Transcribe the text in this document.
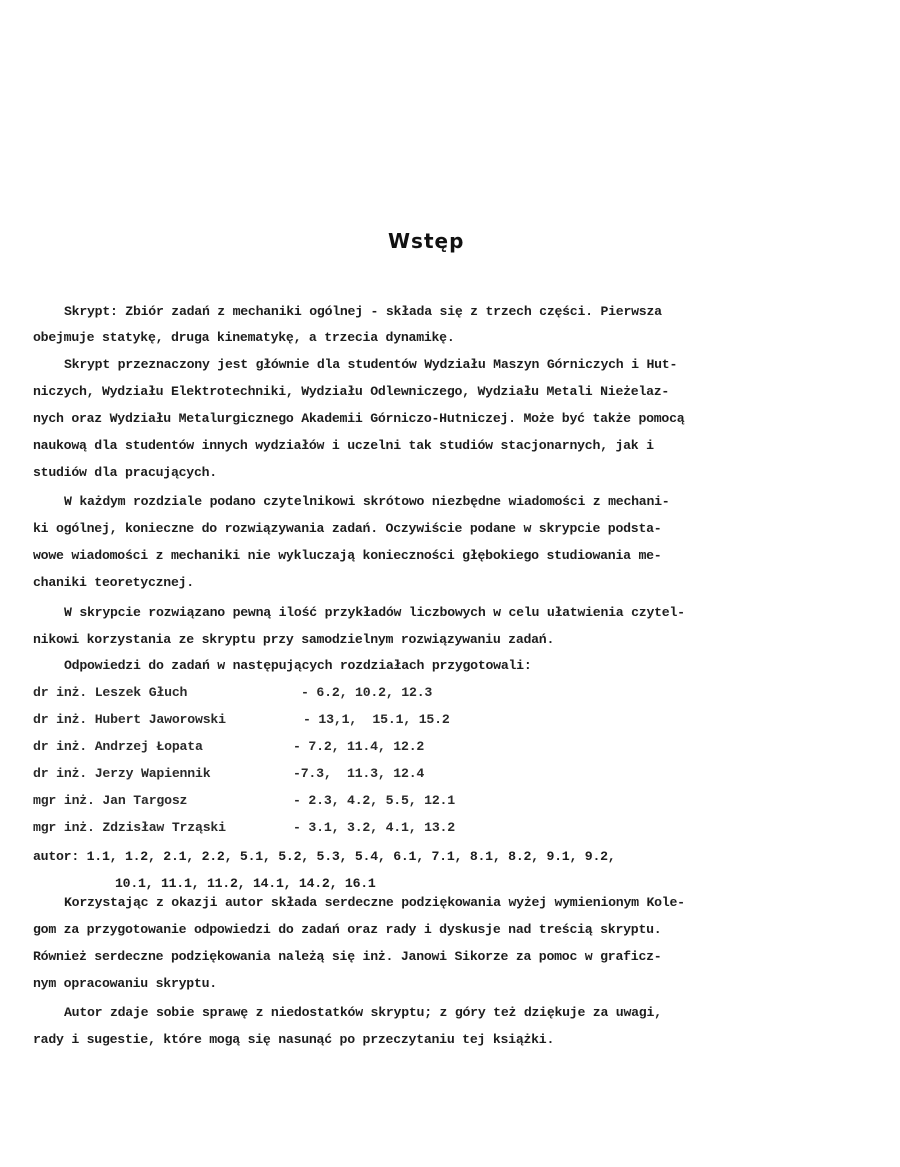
Wstęp
Skrypt: Zbiór zadań z mechaniki ogólnej - składa się z trzech części. Pierwsza
obejmuje statykę, druga kinematykę, a trzecia dynamikę.
Skrypt przeznaczony jest głównie dla studentów Wydziału Maszyn Górniczych i Hut-
niczych, Wydziału Elektrotechniki, Wydziału Odlewniczego, Wydziału Metali Nieżelaz-
nych oraz Wydziału Metalurgicznego Akademii Górniczo-Hutniczej. Może być także pomocą
naukową dla studentów innych wydziałów i uczelni tak studiów stacjonarnych, jak i
studiów dla pracujących.
W każdym rozdziale podano czytelnikowi skrótowo niezbędne wiadomości z mechani-
ki ogólnej, konieczne do rozwiązywania zadań. Oczywiście podane w skrypcie podsta-
wowe wiadomości z mechaniki nie wykluczają konieczności głębokiego studiowania me-
chaniki teoretycznej.
W skrypcie rozwiązano pewną ilość przykładów liczbowych w celu ułatwienia czytel-
nikowi korzystania ze skryptu przy samodzielnym rozwiązywaniu zadań.
Odpowiedzi do zadań w następujących rozdziałach przygotowali:
dr inż. Leszek Głuch	- 6.2, 10.2, 12.3
dr inż. Hubert Jaworowski	- 13,1,  15.1, 15.2
dr inż. Andrzej Łopata	- 7.2, 11.4, 12.2
dr inż. Jerzy Wapiennik	-7.3,  11.3, 12.4
mgr inż. Jan Targosz	- 2.3, 4.2, 5.5, 12.1
mgr inż. Zdzisław Trząski	- 3.1, 3.2, 4.1, 13.2
autor: 1.1, 1.2, 2.1, 2.2, 5.1, 5.2, 5.3, 5.4, 6.1, 7.1, 8.1, 8.2, 9.1, 9.2,
10.1, 11.1, 11.2, 14.1, 14.2, 16.1
Korzystając z okazji autor składa serdeczne podziękowania wyżej wymienionym Kole-
gom za przygotowanie odpowiedzi do zadań oraz rady i dyskusje nad treścią skryptu.
Również serdeczne podziękowania należą się inż. Janowi Sikorze za pomoc w graficz-
nym opracowaniu skryptu.
Autor zdaje sobie sprawę z niedostatków skryptu; z góry też dziękuje za uwagi,
rady i sugestie, które mogą się nasunąć po przeczytaniu tej książki.
